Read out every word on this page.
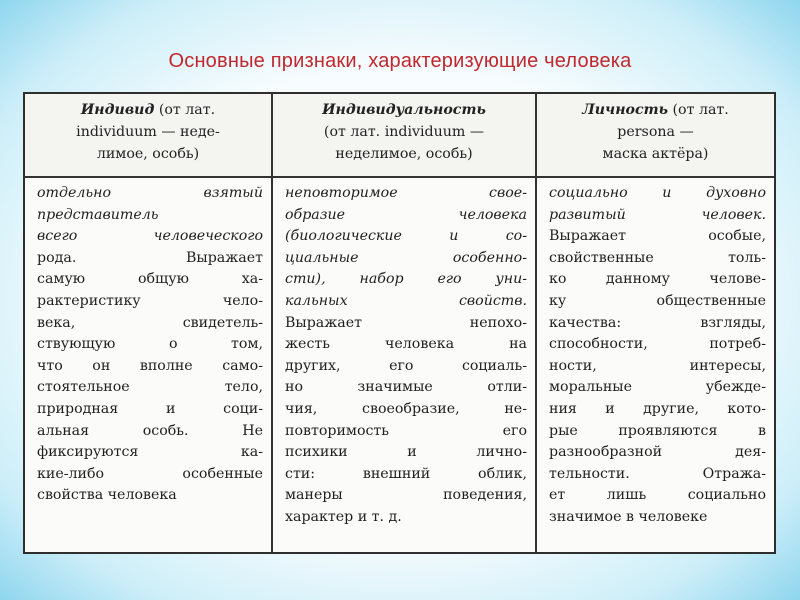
Основные признаки, характеризующие человека
Индивид (от лат.
individuum — неде-
лимое, особь)
отдельно взятый
представитель
всего человеческого
рода. Выражает
самую общую ха-
рактеристику чело-
века, свидетель-
ствующую о том,
что он вполне само-
стоятельное тело,
природная и соци-
альная особь. Не
фиксируются ка-
кие-либо особенные
свойства человека
Индивидуальность
(от лат. individuum —
неделимое, особь)
неповторимое свое-
образие человека
(биологические и со-
циальные особенно-
сти), набор его уни-
кальных свойств.
Выражает непохо-
жесть человека на
других, его социаль-
но значимые отли-
чия, своеобразие, не-
повторимость его
психики и лично-
сти: внешний облик,
манеры поведения,
характер и т. д.
Личность (от лат.
persona —
маска актёра)
социально и духовно
развитый человек.
Выражает особые,
свойственные толь-
ко данному челове-
ку общественные
качества: взгляды,
способности, потреб-
ности, интересы,
моральные убежде-
ния и другие, кото-
рые проявляются в
разнообразной дея-
тельности. Отража-
ет лишь социально
значимое в человеке
